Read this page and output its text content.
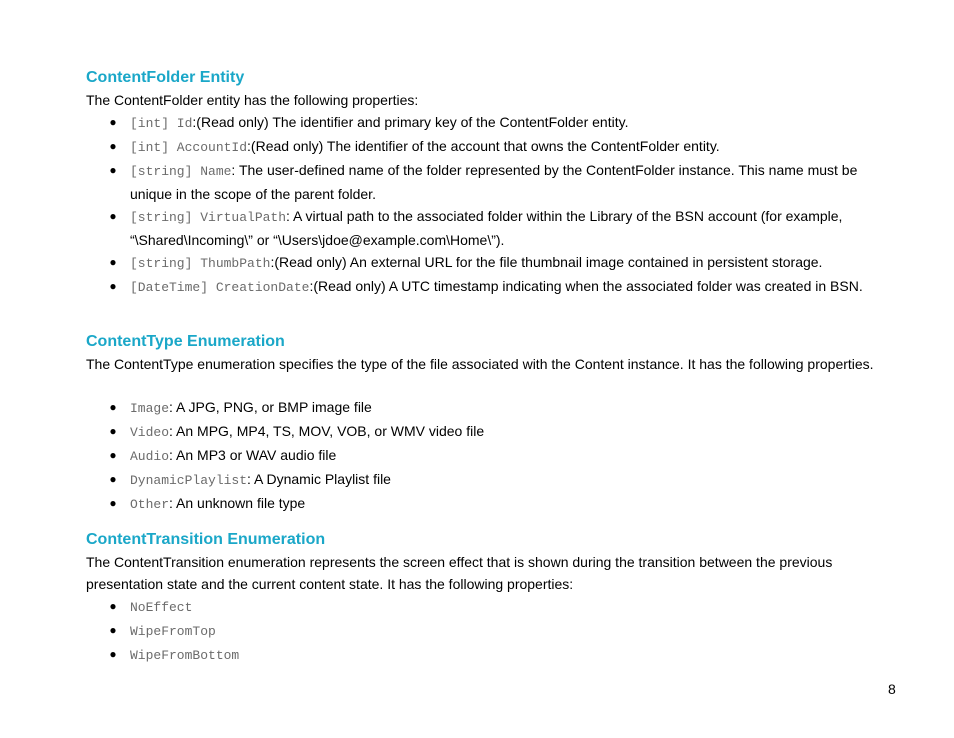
ContentFolder Entity

The ContentFolder entity has the following properties:

● [int] Id:(Read only) The identifier and primary key of the ContentFolder entity.
● [int] AccountId:(Read only) The identifier of the account that owns the ContentFolder entity.
● [string] Name: The user-defined name of the folder represented by the ContentFolder instance. This name must be unique in the scope of the parent folder.
● [string] VirtualPath: A virtual path to the associated folder within the Library of the BSN account (for example, “\Shared\Incoming\” or “\Users\jdoe@example.com\Home\”).
● [string] ThumbPath:(Read only) An external URL for the file thumbnail image contained in persistent storage.
● [DateTime] CreationDate:(Read only) A UTC timestamp indicating when the associated folder was created in BSN.
ContentType Enumeration

The ContentType enumeration specifies the type of the file associated with the Content instance. It has the following properties.

● Image: A JPG, PNG, or BMP image file
● Video: An MPG, MP4, TS, MOV, VOB, or WMV video file
● Audio: An MP3 or WAV audio file
● DynamicPlaylist: A Dynamic Playlist file
● Other: An unknown file type
ContentTransition Enumeration

The ContentTransition enumeration represents the screen effect that is shown during the transition between the previous presentation state and the current content state. It has the following properties:

● NoEffect
● WipeFromTop
● WipeFromBottom
8
